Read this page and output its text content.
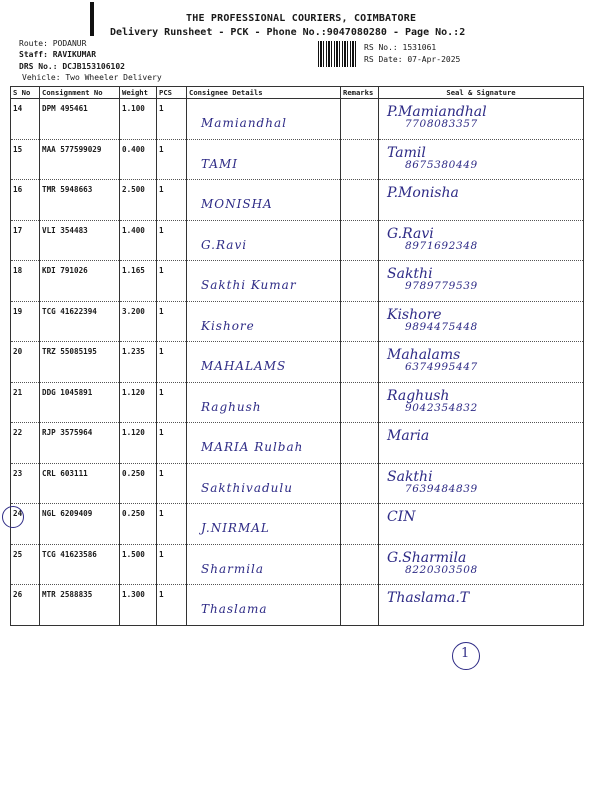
THE PROFESSIONAL COURIERS, COIMBATORE
Delivery Runsheet - PCK - Phone No.:9047080280 - Page No.:2
Route: PODANUR
Staff: RAVIKUMAR
DRS No.: DCJB153106102
RS No.: 1531061
RS Date: 07-Apr-2025
Vehicle: Two Wheeler Delivery
S No	Consignment No	Weight	PCS	Consignee Details	Remarks	Seal & Signature
14	DPM 495461	1.100	1	Mamiandhal		P.Mamiandhal
7708083357

15	MAA 577599029	0.400	1	TAMI		Tamil
8675380449

16	TMR 5948663	2.500	1	MONISHA		P.Monisha

17	VLI 354483	1.400	1	G.Ravi		G.Ravi
8971692348

18	KDI 791026	1.165	1	Sakthi Kumar		Sakthi
9789779539

19	TCG 41622394	3.200	1	Kishore		Kishore
9894475448

20	TRZ 55085195	1.235	1	MAHALAMS		Mahalams
6374995447

21	DDG 1045891	1.120	1	Raghush		Raghush
9042354832

22	RJP 3575964	1.120	1	MARIA Rulbah		Maria

23	CRL 603111	0.250	1	Sakthivadulu		Sakthi
7639484839

24	NGL 6209409	0.250	1	J.NIRMAL		CIN

25	TCG 41623586	1.500	1	Sharmila		G.Sharmila
8220303508

26	MTR 2588835	1.300	1	Thaslama		Thaslama.T
1
